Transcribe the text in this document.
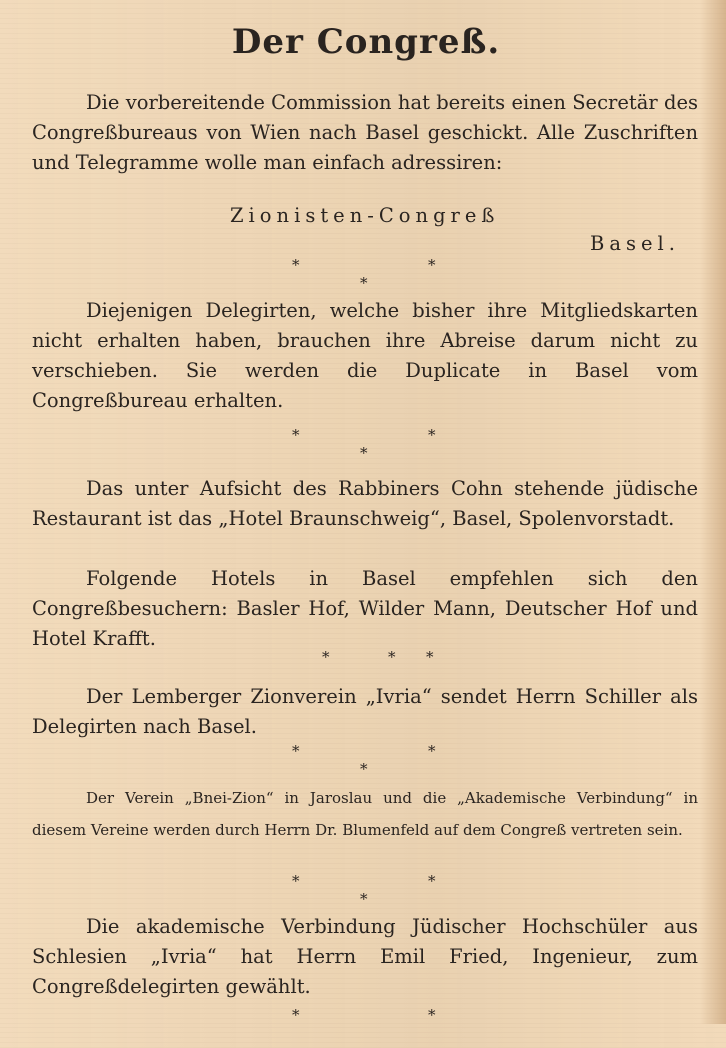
Der Congreß.

Die vorbereitende Commission hat bereits einen Secretär des Congreßbureaus von Wien nach Basel geschickt. Alle Zuschriften und Telegramme wolle man einfach adressiren:

Zionisten-Congreß
Basel.
*	*
*

Diejenigen Delegirten, welche bisher ihre Mitgliedskarten nicht erhalten haben, brauchen ihre Abreise darum nicht zu verschieben. Sie werden die Duplicate in Basel vom Congreßbureau erhalten.

*	*
*

Das unter Aufsicht des Rabbiners Cohn stehende jüdische Restaurant ist das „Hotel Braunschweig“, Basel, Spolenvorstadt.

Folgende Hotels in Basel empfehlen sich den Congreßbesuchern: Basler Hof, Wilder Mann, Deutscher Hof und Hotel Krafft.

*	* *

Der Lemberger Zionverein „Ivria“ sendet Herrn Schiller als Delegirten nach Basel.

*	*
*

Der Verein „Bnei-Zion“ in Jaroslau und die „Akademische Verbindung“ in diesem Vereine werden durch Herrn Dr. Blumenfeld auf dem Congreß vertreten sein.

*	*
*

Die akademische Verbindung Jüdischer Hochschüler aus Schlesien „Ivria“ hat Herrn Emil Fried, Ingenieur, zum Congreßdelegirten gewählt.

*	*
